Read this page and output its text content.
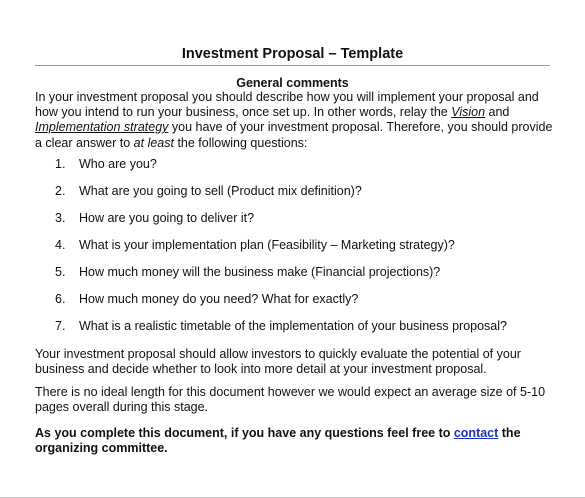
Investment Proposal – Template
General comments

In your investment proposal you should describe how you will implement your proposal and how you intend to run your business, once set up. In other words, relay the Vision and Implementation strategy you have of your investment proposal. Therefore, you should provide a clear answer to at least the following questions:

1. Who are you?
2. What are you going to sell (Product mix definition)?
3. How are you going to deliver it?
4. What is your implementation plan (Feasibility – Marketing strategy)?
5. How much money will the business make (Financial projections)?
6. How much money do you need? What for exactly?
7. What is a realistic timetable of the implementation of your business proposal?

Your investment proposal should allow investors to quickly evaluate the potential of your business and decide whether to look into more detail at your investment proposal.

There is no ideal length for this document however we would expect an average size of 5-10 pages overall during this stage.

As you complete this document, if you have any questions feel free to contact the organizing committee.
